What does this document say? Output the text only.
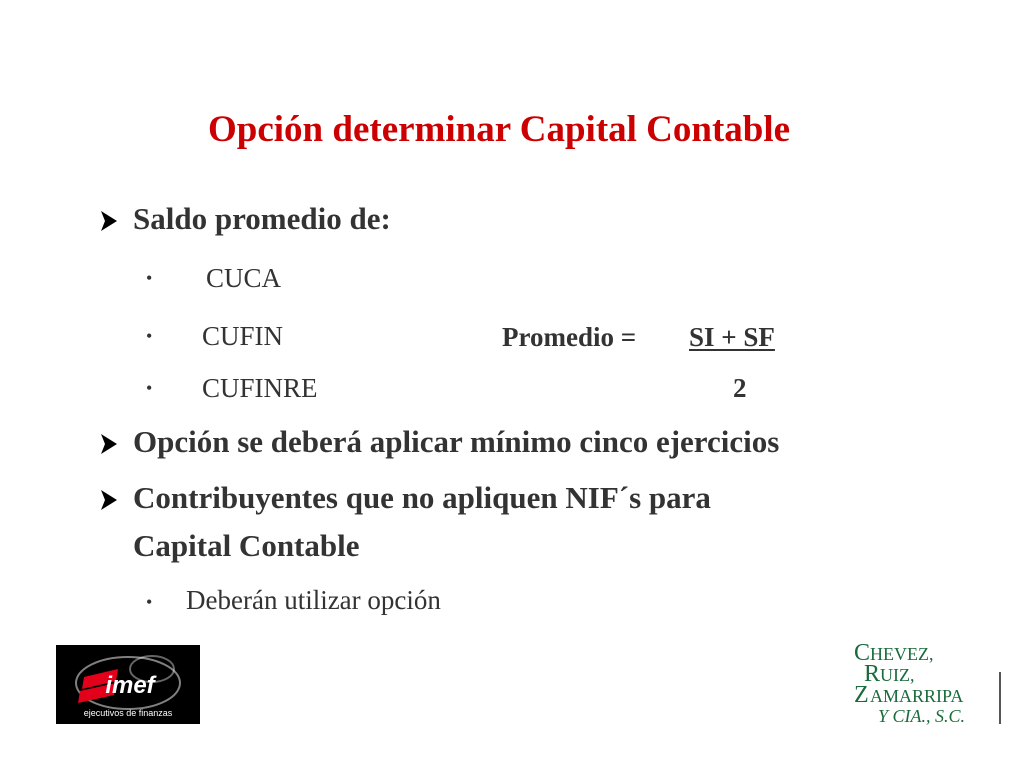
Opción determinar Capital Contable
Saldo promedio de:
• CUCA
• CUFIN
• CUFINRE
Promedio = SI + SF
2
Opción se deberá aplicar mínimo cinco ejercicios
Contribuyentes que no apliquen NIF´s para
Capital Contable
• Deberán utilizar opción
imef
ejecutivos de finanzas
C HEVEZ,
R UIZ,
Z AMARRIPA
Y CIA., S.C.
